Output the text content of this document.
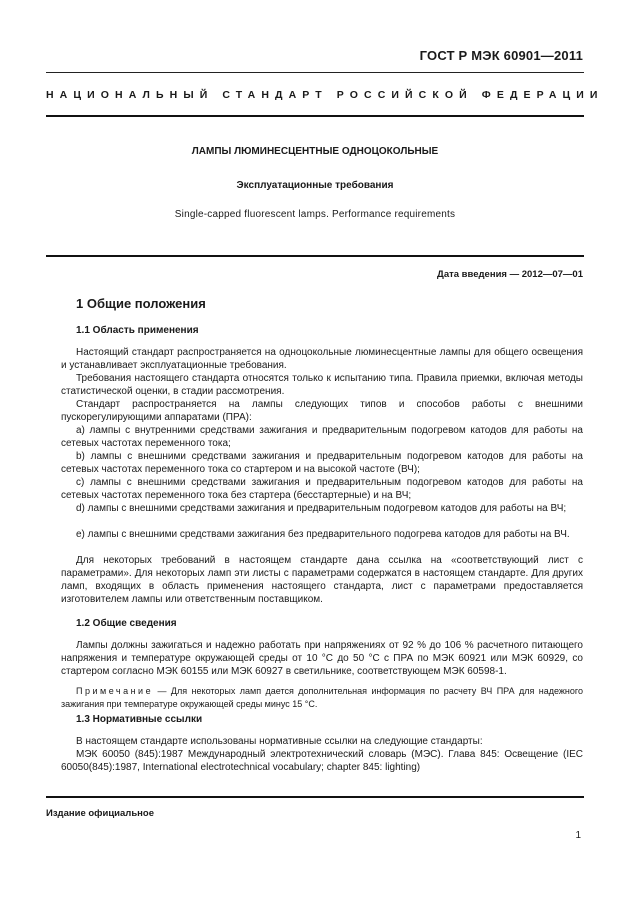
ГОСТ Р МЭК 60901—2011
НАЦИОНАЛЬНЫЙ СТАНДАРТ РОССИЙСКОЙ ФЕДЕРАЦИИ
ЛАМПЫ ЛЮМИНЕСЦЕНТНЫЕ ОДНОЦОКОЛЬНЫЕ
Эксплуатационные требования
Single-capped fluorescent lamps. Performance requirements
Дата введения — 2012—07—01
1 Общие положения
1.1 Область применения
Настоящий стандарт распространяется на одноцокольные люминесцентные лампы для общего освещения и устанавливает эксплуатационные требования.
Требования настоящего стандарта относятся только к испытанию типа. Правила приемки, включая методы статистической оценки, в стадии рассмотрения.
Стандарт распространяется на лампы следующих типов и способов работы с внешними пускорегулирующими аппаратами (ПРА):
а) лампы с внутренними средствами зажигания и предварительным подогревом катодов для работы на сетевых частотах переменного тока;
b) лампы с внешними средствами зажигания и предварительным подогревом катодов для работы на сетевых частотах переменного тока со стартером и на высокой частоте (ВЧ);
c) лампы с внешними средствами зажигания и предварительным подогревом катодов для работы на сетевых частотах переменного тока без стартера (бесстартерные) и на ВЧ;
d) лампы с внешними средствами зажигания и предварительным подогревом катодов для работы на ВЧ;
е) лампы с внешними средствами зажигания без предварительного подогрева катодов для работы на ВЧ.
Для некоторых требований в настоящем стандарте дана ссылка на «соответствующий лист с параметрами». Для некоторых ламп эти листы с параметрами содержатся в настоящем стандарте. Для других ламп, входящих в область применения настоящего стандарта, лист с параметрами предоставляется изготовителем лампы или ответственным поставщиком.
1.2 Общие сведения
Лампы должны зажигаться и надежно работать при напряжениях от 92 % до 106 % расчетного питающего напряжения и температуре окружающей среды от 10 °С до 50 °С с ПРА по МЭК 60921 или МЭК 60929, со стартером согласно МЭК 60155 или МЭК 60927 в светильнике, соответствующем МЭК 60598-1.
Примечание — Для некоторых ламп дается дополнительная информация по расчету ВЧ ПРА для надежного зажигания при температуре окружающей среды минус 15 °С.
1.3 Нормативные ссылки
В настоящем стандарте использованы нормативные ссылки на следующие стандарты:
МЭК 60050 (845):1987 Международный электротехнический словарь (МЭС). Глава 845: Освещение (IEC 60050(845):1987, International electrotechnical vocabulary; chapter 845: lighting)
Издание официальное
1
